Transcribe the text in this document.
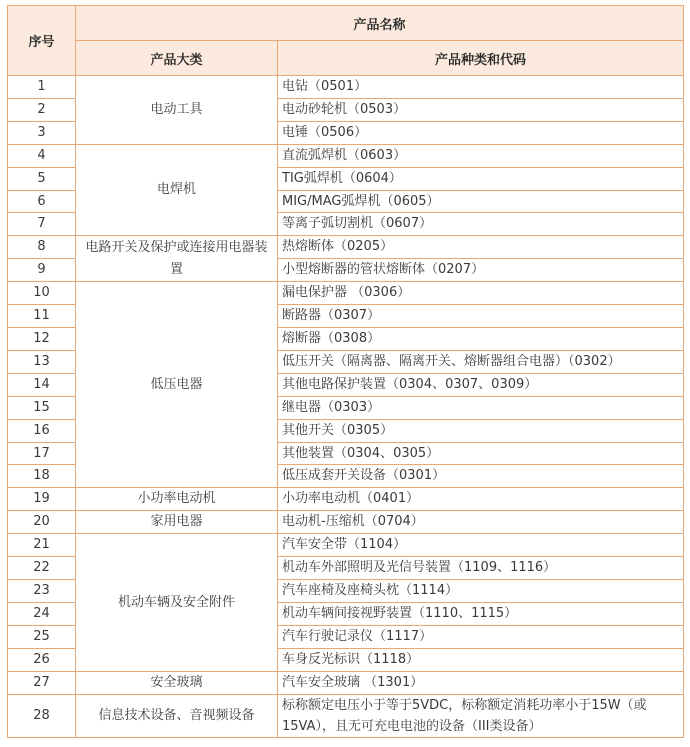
序号	产品名称	
	产品大类	产品种类和代码
1	电动工具	电钻（0501）
2		电动砂轮机（0503）
3		电锤（0506）
4	电焊机	直流弧焊机（0603）
5		TIG弧焊机（0604）
6		MIG/MAG弧焊机（0605）
7		等离子弧切割机（0607）
8	电路开关及保护或连接用电器装置	热熔断体（0205）
9		小型熔断器的管状熔断体（0207）
10	低压电器	漏电保护器 （0306）
11		断路器（0307）
12		熔断器（0308）
13		低压开关（隔离器、隔离开关、熔断器组合电器）（0302）
14		其他电路保护装置（0304、0307、0309）
15		继电器（0303）
16		其他开关（0305）
17		其他装置（0304、0305）
18		低压成套开关设备（0301）
19	小功率电动机	小功率电动机（0401）
20	家用电器	电动机-压缩机（0704）
21	机动车辆及安全附件	汽车安全带（1104）
22		机动车外部照明及光信号装置（1109、1116）
23		汽车座椅及座椅头枕（1114）
24		机动车辆间接视野装置（1110、1115）
25		汽车行驶记录仪（1117）
26		车身反光标识（1118）
27	安全玻璃	汽车安全玻璃 （1301）
28	信息技术设备、音视频设备	标称额定电压小于等于5VDC，标称额定消耗功率小于15W（或15VA），且无可充电电池的设备（III类设备）
